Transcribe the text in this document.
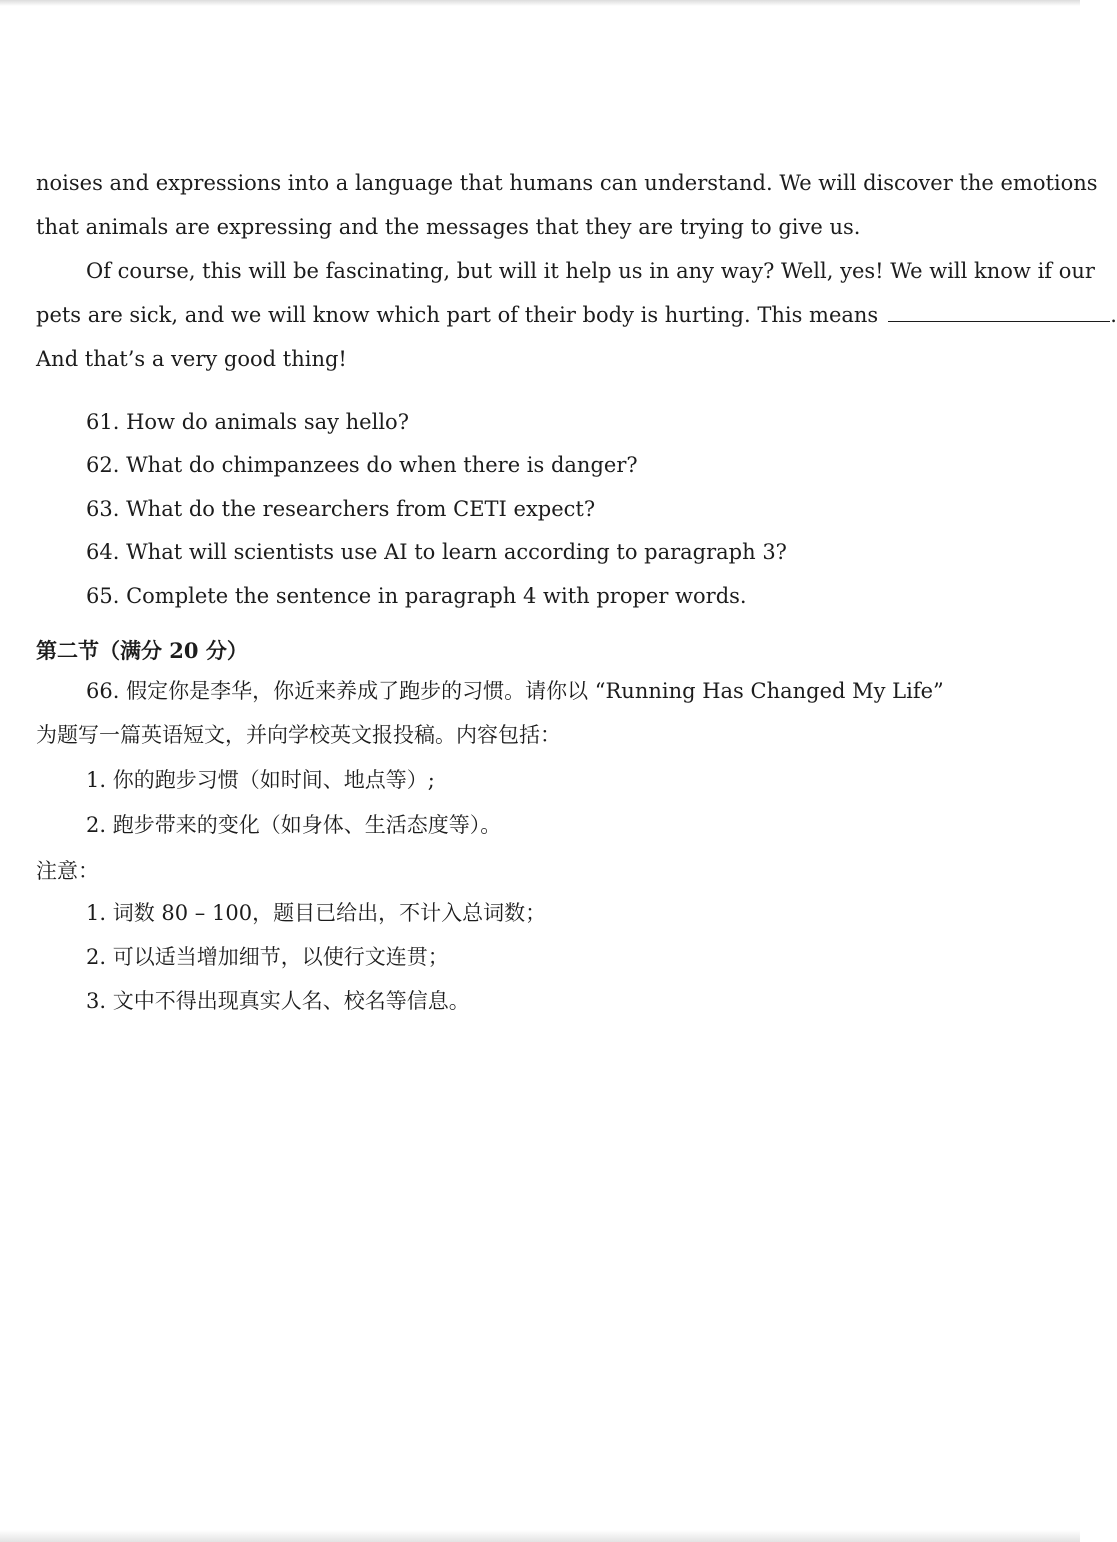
noises and expressions into a language that humans can understand. We will discover the emotions
that animals are expressing and the messages that they are trying to give us.
Of course, this will be fascinating, but will it help us in any way? Well, yes! We will know if our
pets are sick, and we will know which part of their body is hurting. This means	.
And that’s a very good thing!
61. How do animals say hello?
62. What do chimpanzees do when there is danger?
63. What do the researchers from CETI expect?
64. What will scientists use AI to learn according to paragraph 3?
65. Complete the sentence in paragraph 4 with proper words.
第二节（满分 20 分）
66. 假定你是李华，你近来养成了跑步的习惯。请你以 “Running Has Changed My Life”
为题写一篇英语短文，并向学校英文报投稿。内容包括：
1. 你的跑步习惯（如时间、地点等）;
2. 跑步带来的变化（如身体、生活态度等）。
注意：
1. 词数 80 – 100，题目已给出，不计入总词数；
2. 可以适当增加细节，以使行文连贯；
3. 文中不得出现真实人名、校名等信息。
